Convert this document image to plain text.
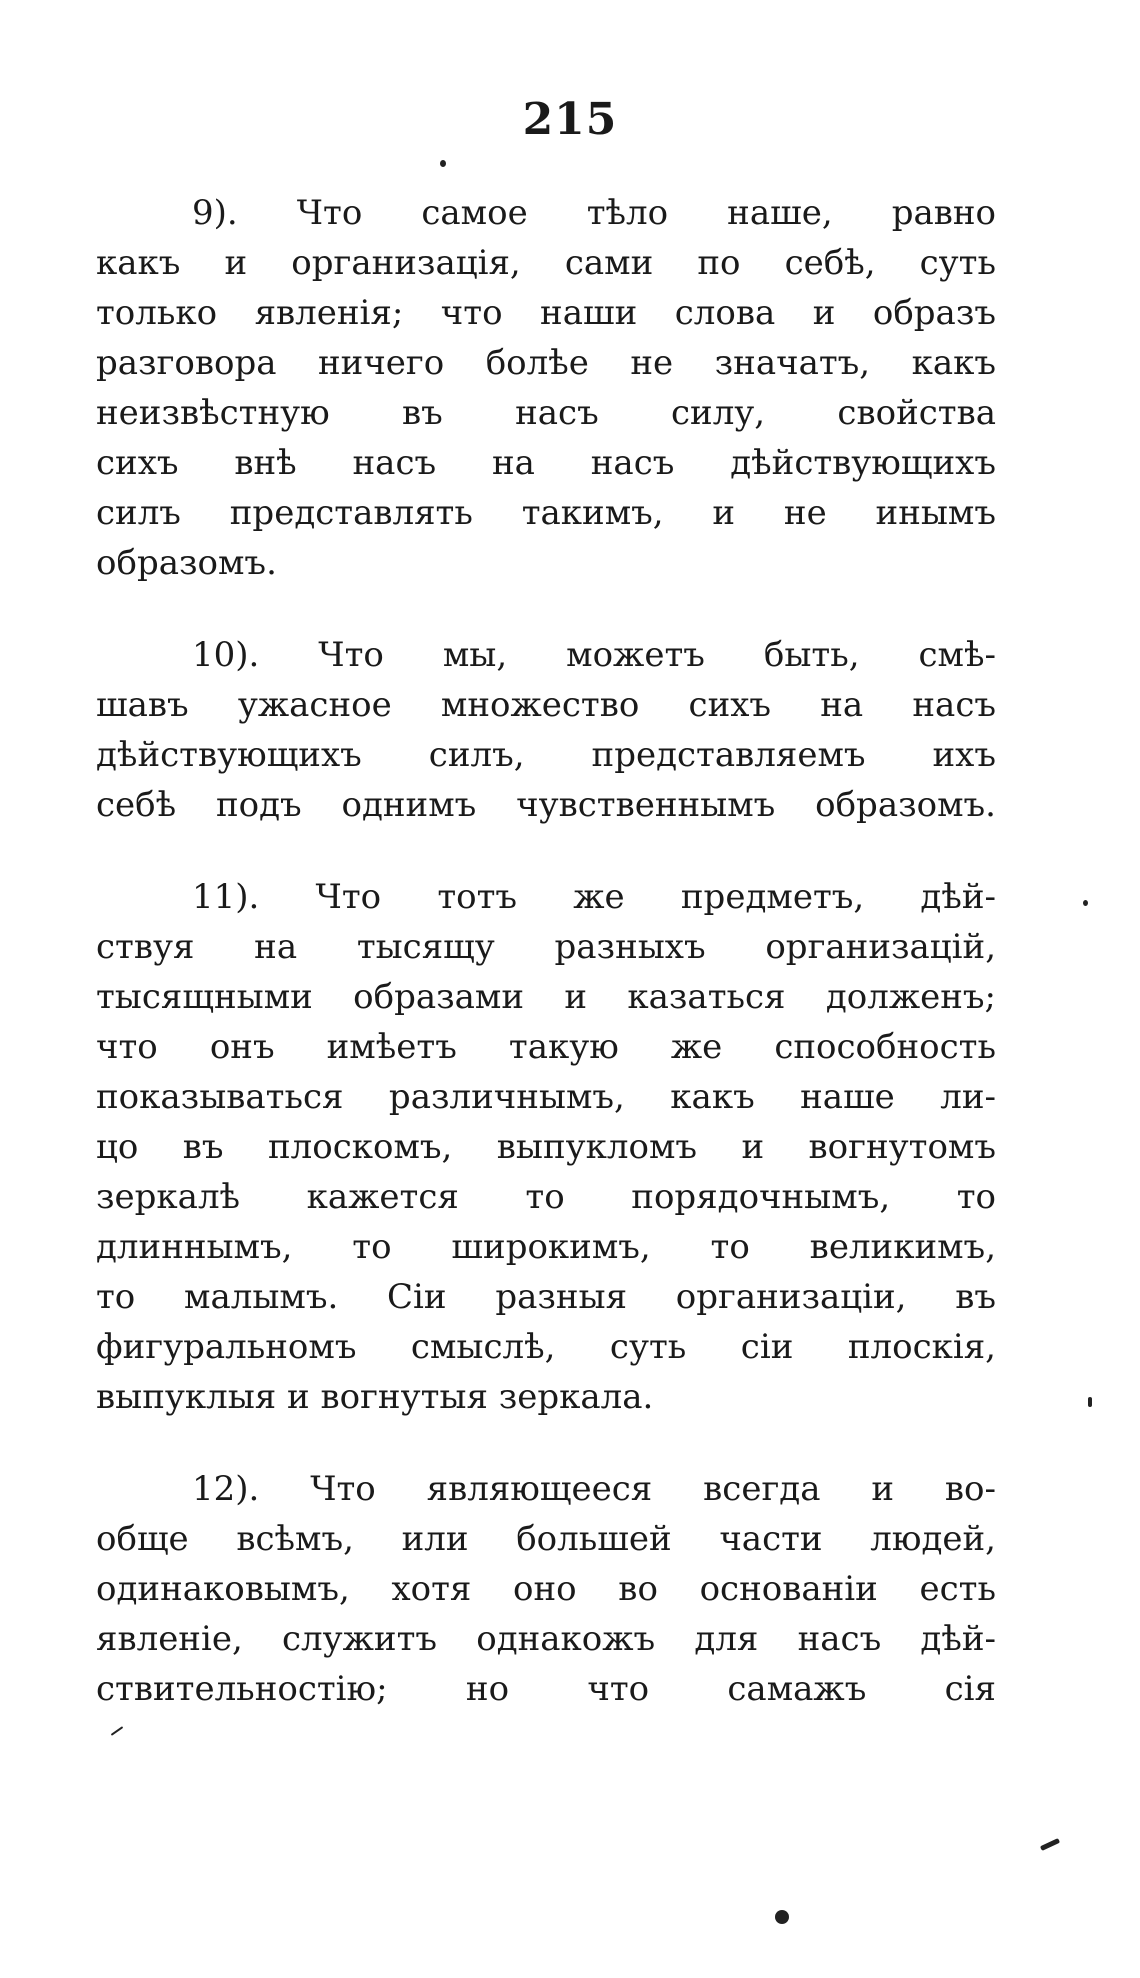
215
9). Что самое тѣло наше, равно
какъ и организація, сами по себѣ, суть
только явленія; что наши слова и образъ
разговора ничего болѣе не значатъ, какъ
неизвѣстную въ насъ силу, свойства
сихъ внѣ насъ на насъ дѣйствующихъ
силъ представлять такимъ, и не инымъ
образомъ.
10). Что мы, можетъ быть, смѣ-
шавъ ужасное множество сихъ на насъ
дѣйствующихъ силъ, представляемъ ихъ
себѣ подъ однимъ чувственнымъ образомъ.
11). Что тотъ же предметъ, дѣй-
ствуя на тысящу разныхъ организацій,
тысящными образами и казаться долженъ;
что онъ имѣетъ такую же способность
показываться различнымъ, какъ наше ли-
цо въ плоскомъ, выпукломъ и вогнутомъ
зеркалѣ кажется то порядочнымъ, то
длиннымъ, то широкимъ, то великимъ,
то малымъ. Сіи разныя организаціи, въ
фигуральномъ смыслѣ, суть сіи плоскія,
выпуклыя и вогнутыя зеркала.
12). Что являющееся всегда и во-
обще всѣмъ, или большей части людей,
одинаковымъ, хотя оно во основаніи есть
явленіе, служитъ однакожъ для насъ дѣй-
ствительностію; но что самажъ сія
